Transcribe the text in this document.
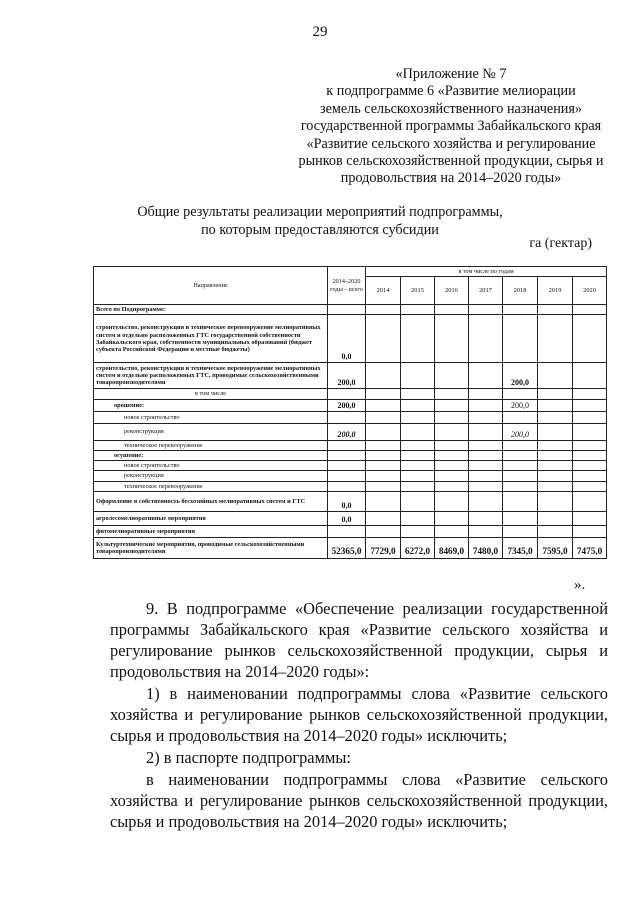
29
«Приложение № 7
к подпрограмме 6 «Развитие мелиорации
земель сельскохозяйственного назначения»
государственной программы Забайкальского края
«Развитие сельского хозяйства и регулирование
рынков сельскохозяйственной продукции, сырья и
продовольствия на 2014–2020 годы»
Общие результаты реализации мероприятий подпрограммы,
по которым предоставляются субсидии
га (гектар)
Направление	2014–2020 годы – всего	в том числе по годам						
		2014	2015	2016	2017	2018	2019	2020
Всего по Подпрограмме:								
строительство, реконструкция и техническое перевооружение мелиоративных систем и отдельно расположенных ГТС государственной собственности Забайкальского края, собственности муниципальных образований (бюджет субъекта Российской Федерации и местные бюджеты)	0,0							
строительство, реконструкция и техническое перевооружение мелиоративных систем и отдельно расположенных ГТС, проводимые сельскохозяйственными товаропроизводителями	200,0					200,0		
в том числе								
орошение:	200,0					200,0		
новое строительство								
реконструкция	200,0					200,0		
техническое перевооружение								
осушение:								
новое строительство								
реконструкция								
техническое перевооружение								
Оформление в собственность бесхозяйных мелиоративных систем и ГТС	0,0							
агролесомелиоративные мероприятия	0,0							
фитомелиоративные мероприятия								
Культуртехнические мероприятия, проводимые сельскохозяйственными товаропроизводителями	52365,0	7729,0	6272,0	8469,0	7480,0	7345,0	7595,0	7475,0
».
9. В подпрограмме «Обеспечение реализации государственной программы Забайкальского края «Развитие сельского хозяйства и регулирование рынков сельскохозяйственной продукции, сырья и продовольствия на 2014–2020 годы»:
1) в наименовании подпрограммы слова «Развитие сельского хозяйства и регулирование рынков сельскохозяйственной продукции, сырья и продовольствия на 2014–2020 годы» исключить;
2) в паспорте подпрограммы:
в наименовании подпрограммы слова «Развитие сельского хозяйства и регулирование рынков сельскохозяйственной продукции, сырья и продовольствия на 2014–2020 годы» исключить;
